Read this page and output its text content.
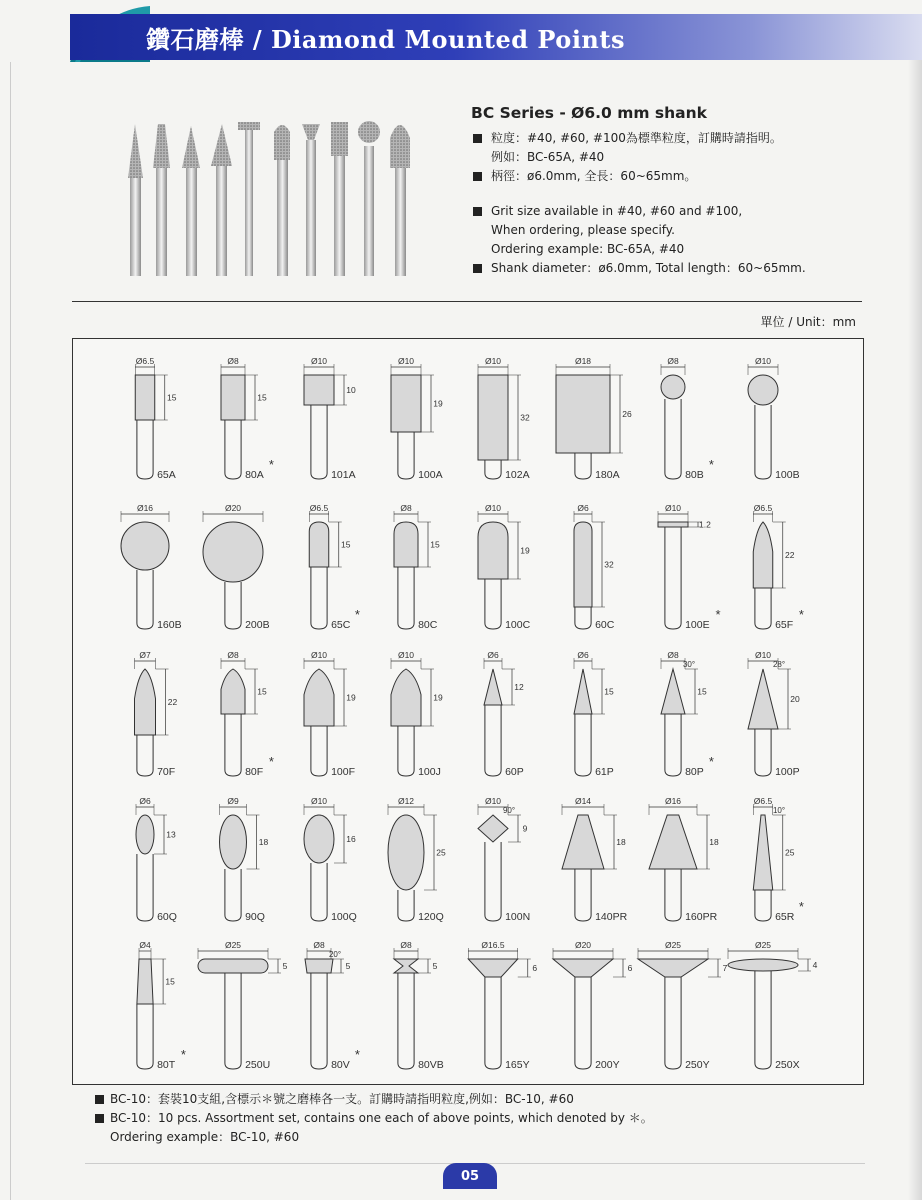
鑽石磨棒 / Diamond Mounted Points
BC Series - Ø6.0 mm shank
粒度：#40, #60, #100為標準粒度，訂購時請指明。
例如：BC-65A, #40
柄徑：ø6.0mm, 全長：60~65mm。
Grit size available in #40, #60 and #100,
When ordering, please specify.
Ordering example: BC-65A, #40
Shank diameter：ø6.0mm, Total length：60~65mm.
單位 / Unit：mm
Ø6.5
15
65A
Ø8
15
80A
*
Ø10
10
101A
Ø10
19
100A
Ø10
32
102A
Ø18
26
180A
Ø8
80B
*
Ø10
100B
Ø16
160B
Ø20
200B
Ø6.5
15
65C
*
Ø8
15
80C
Ø10
19
100C
Ø6
32
60C
Ø10
1.2
100E
*
Ø6.5
22
65F
*
Ø7
22
70F
Ø8
15
80F
*
Ø10
19
100F
Ø10
19
100J
Ø6
12
60P
Ø6
15
61P
Ø8
15
30°
80P
*
Ø10
20
28°
100P
Ø6
13
60Q
Ø9
18
90Q
Ø10
16
100Q
Ø12
25
120Q
Ø10
9
90°
100N
Ø14
18
140PR
Ø16
18
160PR
Ø6.5
25
10°
65R
*
Ø4
15
80T
*
Ø25
5
250U
Ø8
5
20°
80V
*
Ø8
5
80VB
Ø16.5
6
165Y
Ø20
6
200Y
Ø25
7
250Y
Ø25
4
250X
BC-10：套裝10支組,含標示＊號之磨棒各一支。訂購時請指明粒度,例如：BC-10, #60
BC-10：10 pcs. Assortment set, contains one each of above points, which denoted by ＊。
Ordering example：BC-10, #60
05
